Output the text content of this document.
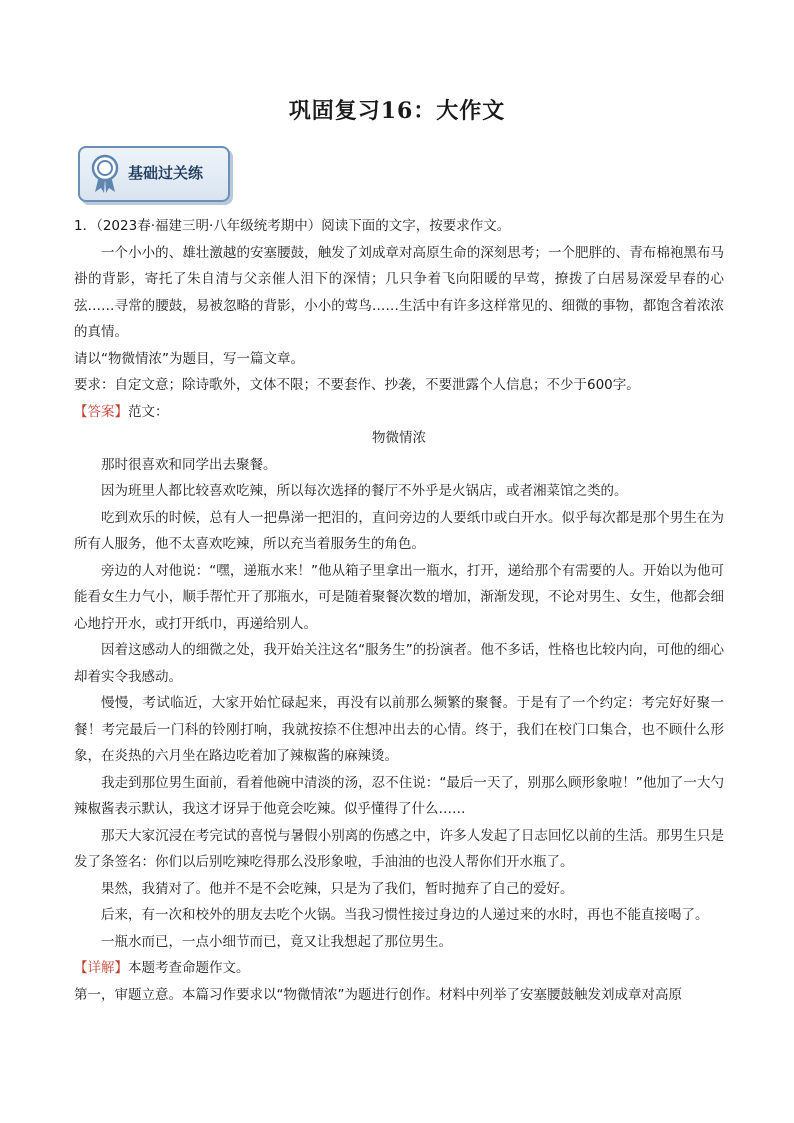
巩固复习16：大作文
基础过关练

1．（2023春·福建三明·八年级统考期中）阅读下面的文字，按要求作文。

一个小小的、雄壮激越的安塞腰鼓，触发了刘成章对高原生命的深刻思考；一个肥胖的、青布棉袍黑布马褂的背影，寄托了朱自清与父亲催人泪下的深情；几只争着飞向阳暖的早莺，撩拨了白居易深爱早春的心弦……寻常的腰鼓，易被忽略的背影，小小的莺鸟……生活中有许多这样常见的、细微的事物，都饱含着浓浓的真情。

请以“物微情浓”为题目，写一篇文章。

要求：自定文意；除诗歌外，文体不限；不要套作、抄袭，不要泄露个人信息；不少于600字。

【答案】范文：

物微情浓

那时很喜欢和同学出去聚餐。

因为班里人都比较喜欢吃辣，所以每次选择的餐厅不外乎是火锅店，或者湘菜馆之类的。

吃到欢乐的时候，总有人一把鼻涕一把泪的，直问旁边的人要纸巾或白开水。似乎每次都是那个男生在为所有人服务，他不太喜欢吃辣，所以充当着服务生的角色。

旁边的人对他说：“嘿，递瓶水来！”他从箱子里拿出一瓶水，打开，递给那个有需要的人。开始以为他可能看女生力气小，顺手帮忙开了那瓶水，可是随着聚餐次数的增加，渐渐发现，不论对男生、女生，他都会细心地拧开水，或打开纸巾，再递给别人。

因着这感动人的细微之处，我开始关注这名“服务生”的扮演者。他不多话，性格也比较内向，可他的细心却着实令我感动。

慢慢，考试临近，大家开始忙碌起来，再没有以前那么频繁的聚餐。于是有了一个约定：考完好好聚一餐！考完最后一门科的铃刚打响，我就按捺不住想冲出去的心情。终于，我们在校门口集合，也不顾什么形象，在炎热的六月坐在路边吃着加了辣椒酱的麻辣烫。

我走到那位男生面前，看着他碗中清淡的汤，忍不住说：“最后一天了，别那么顾形象啦！”他加了一大勺辣椒酱表示默认，我这才讶异于他竟会吃辣。似乎懂得了什么……

那天大家沉浸在考完试的喜悦与暑假小别离的伤感之中，许多人发起了日志回忆以前的生活。那男生只是发了条签名：你们以后别吃辣吃得那么没形象啦，手油油的也没人帮你们开水瓶了。

果然，我猜对了。他并不是不会吃辣，只是为了我们，暂时抛弃了自己的爱好。

后来，有一次和校外的朋友去吃个火锅。当我习惯性接过身边的人递过来的水时，再也不能直接喝了。

一瓶水而已，一点小细节而已，竟又让我想起了那位男生。

【详解】本题考查命题作文。

第一，审题立意。本篇习作要求以“物微情浓”为题进行创作。材料中列举了安塞腰鼓触发刘成章对高原
